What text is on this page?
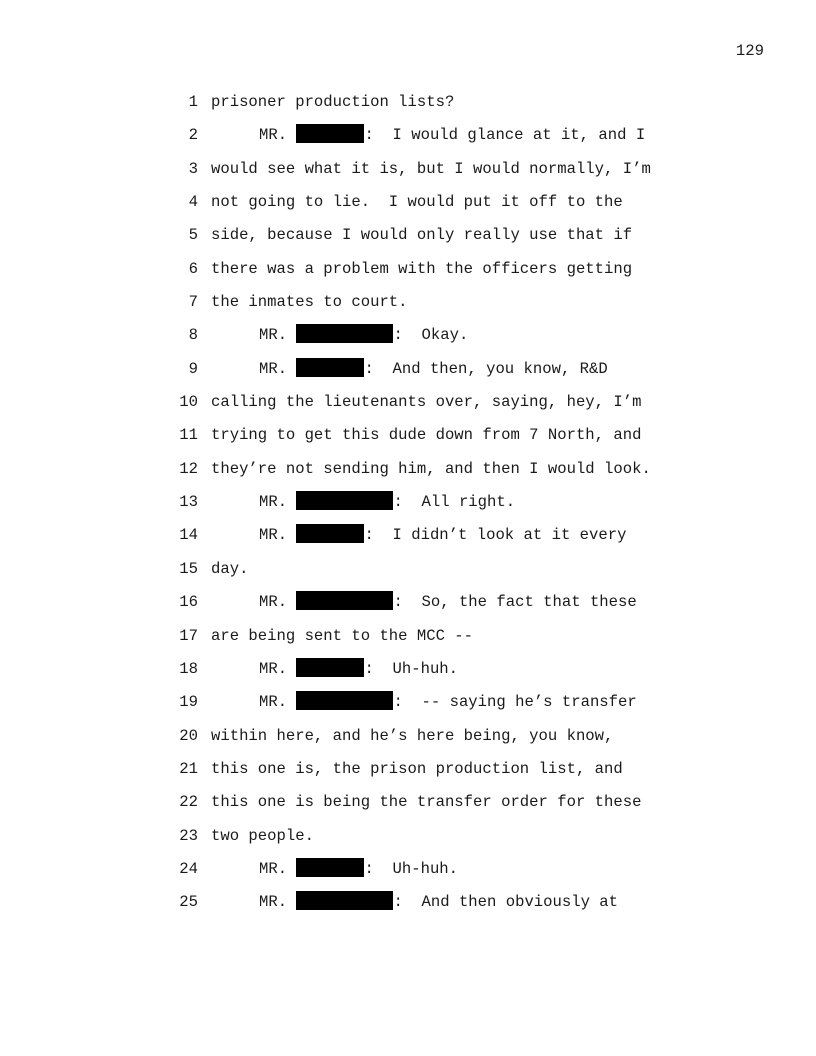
129
1 prisoner production lists?
2	MR.	:  I would glance at it, and I
3 would see what it is, but I would normally, I’m
4 not going to lie.  I would put it off to the
5 side, because I would only really use that if
6 there was a problem with the officers getting
7 the inmates to court.
8	MR.	:  Okay.
9	MR.	:  And then, you know, R&D
10 calling the lieutenants over, saying, hey, I’m
11 trying to get this dude down from 7 North, and
12 they’re not sending him, and then I would look.
13	MR.	:  All right.
14	MR.	:  I didn’t look at it every
15 day.
16	MR.	:  So, the fact that these
17 are being sent to the MCC --
18	MR.	:  Uh-huh.
19	MR.	:  -- saying he’s transfer
20 within here, and he’s here being, you know,
21 this one is, the prison production list, and
22 this one is being the transfer order for these
23 two people.
24	MR.	:  Uh-huh.
25	MR.	:  And then obviously at
